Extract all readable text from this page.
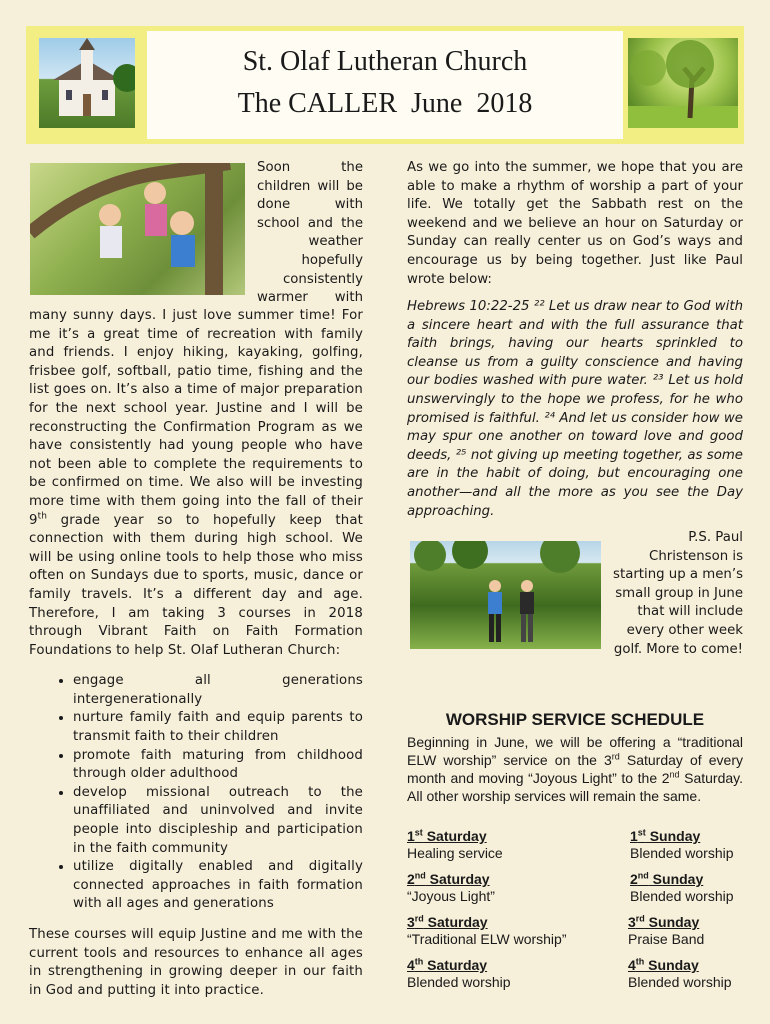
St. Olaf Lutheran Church
The CALLER  June  2018
Soon the
children will be
done with
school and the
weather
hopefully
consistently
warmer with

many sunny days. I just love summer time! For me it’s a great time of recreation with family and friends. I enjoy hiking, kayaking, golfing, frisbee golf, softball, patio time, fishing and the list goes on. It’s also a time of major preparation for the next school year. Justine and I will be reconstructing the Confirmation Program as we have consistently had young people who have not been able to complete the requirements to be confirmed on time. We also will be investing more time with them going into the fall of their 9th grade year so to hopefully keep that connection with them during high school. We will be using online tools to help those who miss often on Sundays due to sports, music, dance or family travels. It’s a different day and age. Therefore, I am taking 3 courses in 2018 through Vibrant Faith on Faith Formation Foundations to help St. Olaf Lutheran Church:

• engage all generations intergenerationally
• nurture family faith and equip parents to transmit faith to their children
• promote faith maturing from childhood through older adulthood
• develop missional outreach to the unaffiliated and uninvolved and invite people into discipleship and participation in the faith community
• utilize digitally enabled and digitally connected approaches in faith formation with all ages and generations

These courses will equip Justine and me with the current tools and resources to enhance all ages in strengthening in growing deeper in our faith in God and putting it into practice.

As we go into the summer, we hope that you are able to make a rhythm of worship a part of your life. We totally get the Sabbath rest on the weekend and we believe an hour on Saturday or Sunday can really center us on God’s ways and encourage us by being together. Just like Paul wrote below:
Hebrews 10:22-25 ²² Let us draw near to God with a sincere heart and with the full assurance that faith brings, having our hearts sprinkled to cleanse us from a guilty conscience and having our bodies washed with pure water. ²³ Let us hold unswervingly to the hope we profess, for he who promised is faithful. ²⁴ And let us consider how we may spur one another on toward love and good deeds, ²⁵ not giving up meeting together, as some are in the habit of doing, but encouraging one another—and all the more as you see the Day approaching.
P.S. Paul Christenson is starting up a men’s small group in June that will include every other week golf. More to come!
WORSHIP SERVICE SCHEDULE
Beginning in June, we will be offering a “traditional ELW worship” service on the 3rd Saturday of every month and moving “Joyous Light” to the 2nd Saturday. All other worship services will remain the same.
1st Saturday
Healing service
1st Sunday
Blended worship
2nd Saturday
“Joyous Light”
2nd Sunday
Blended worship
3rd Saturday
“Traditional ELW worship”
3rd Sunday
Praise Band
4th Saturday
Blended worship
4th Sunday
Blended worship
